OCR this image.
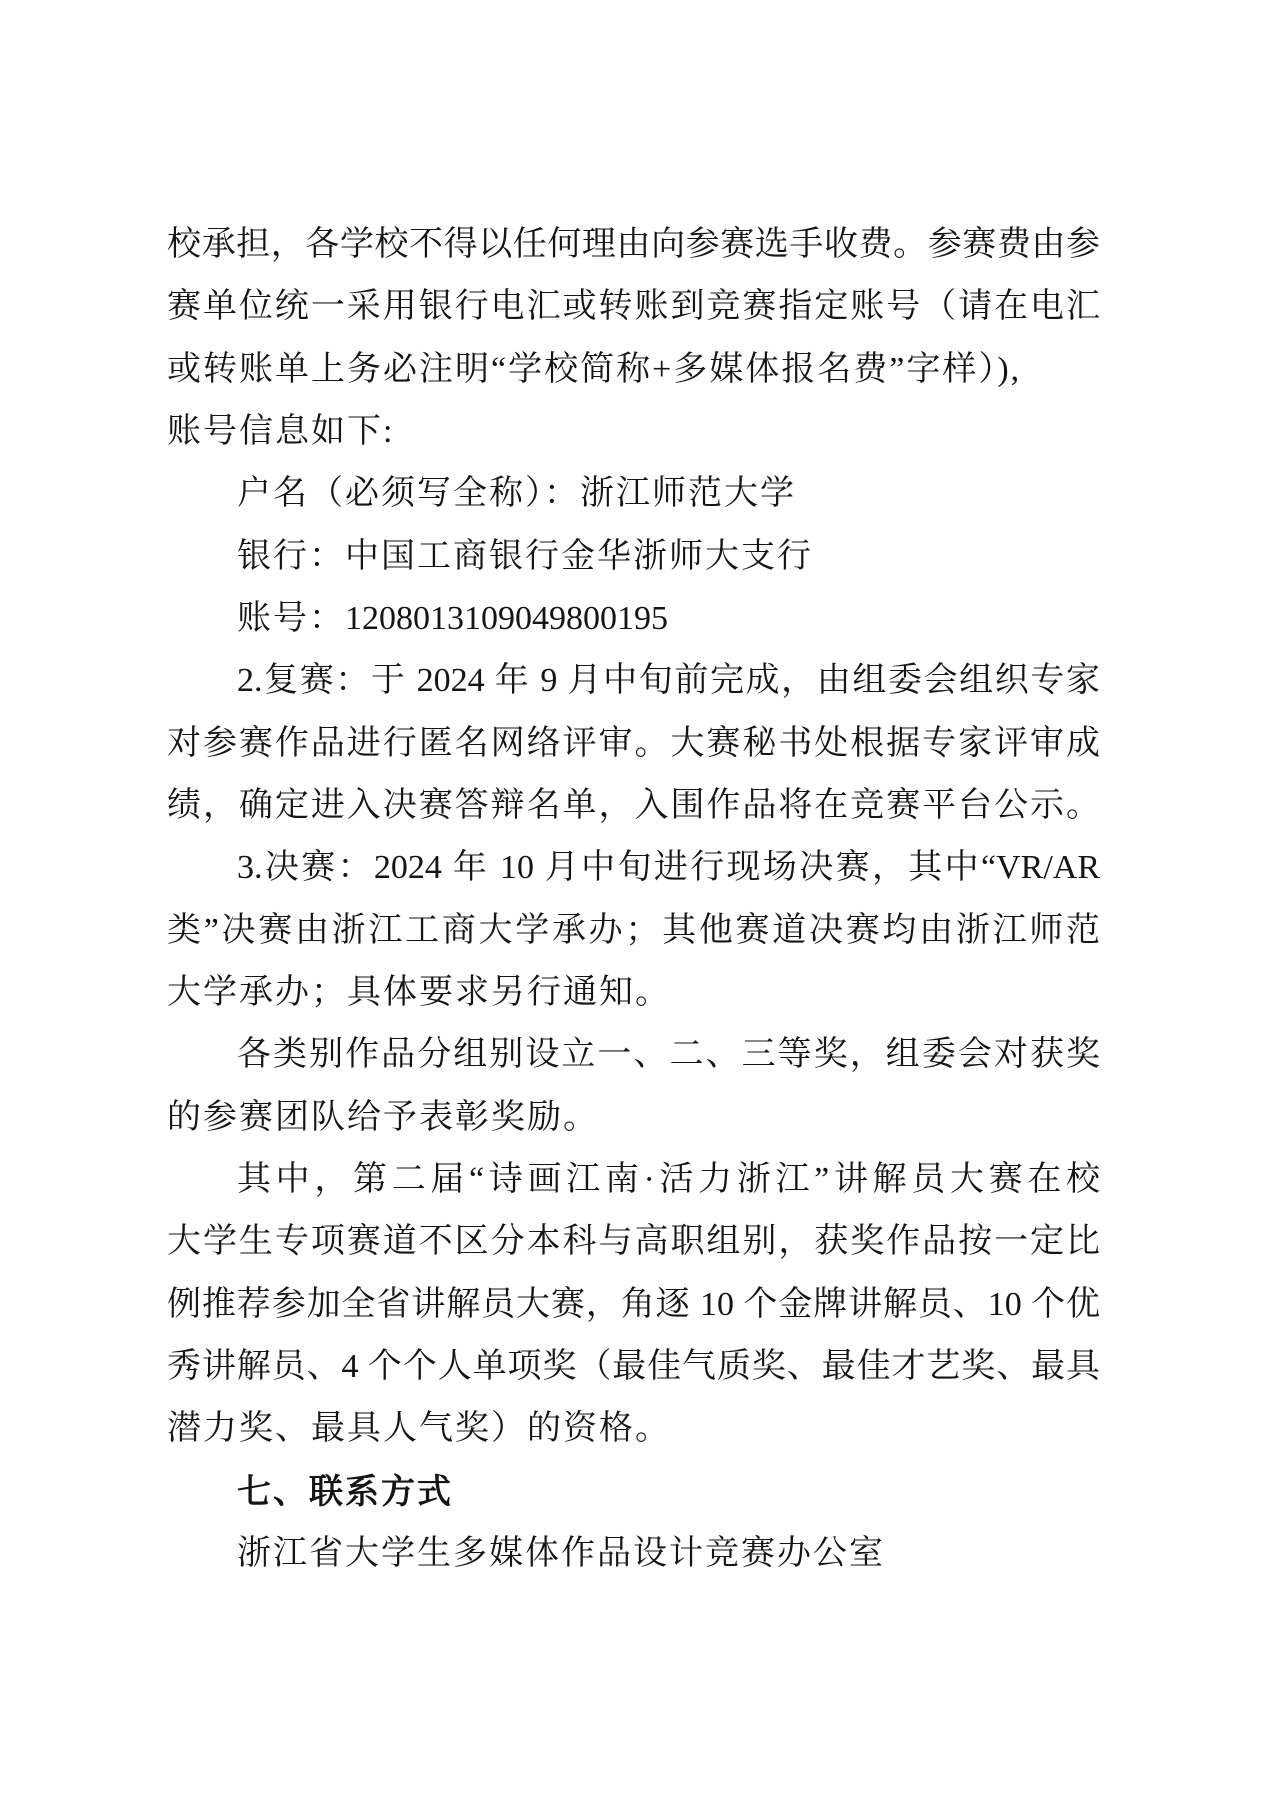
校承担，各学校不得以任何理由向参赛选手收费。参赛费由参
赛单位统一采用银行电汇或转账到竞赛指定账号（请在电汇
或转账单上务必注明“学校简称+多媒体报名费”字样）),
账号信息如下:
户名（必须写全称）：浙江师范大学
银行：中国工商银行金华浙师大支行
账号：1208013109049800195
2.复赛：于 2024 年 9 月中旬前完成，由组委会组织专家
对参赛作品进行匿名网络评审。大赛秘书处根据专家评审成
绩，确定进入决赛答辩名单，入围作品将在竞赛平台公示。
3.决赛：2024 年 10 月中旬进行现场决赛，其中“VR/AR
类”决赛由浙江工商大学承办；其他赛道决赛均由浙江师范
大学承办；具体要求另行通知。
各类别作品分组别设立一、二、三等奖，组委会对获奖
的参赛团队给予表彰奖励。
其中，第二届“诗画江南·活力浙江”讲解员大赛在校
大学生专项赛道不区分本科与高职组别，获奖作品按一定比
例推荐参加全省讲解员大赛，角逐 10 个金牌讲解员、10 个优
秀讲解员、4 个个人单项奖（最佳气质奖、最佳才艺奖、最具
潜力奖、最具人气奖）的资格。
七、联系方式
浙江省大学生多媒体作品设计竞赛办公室
